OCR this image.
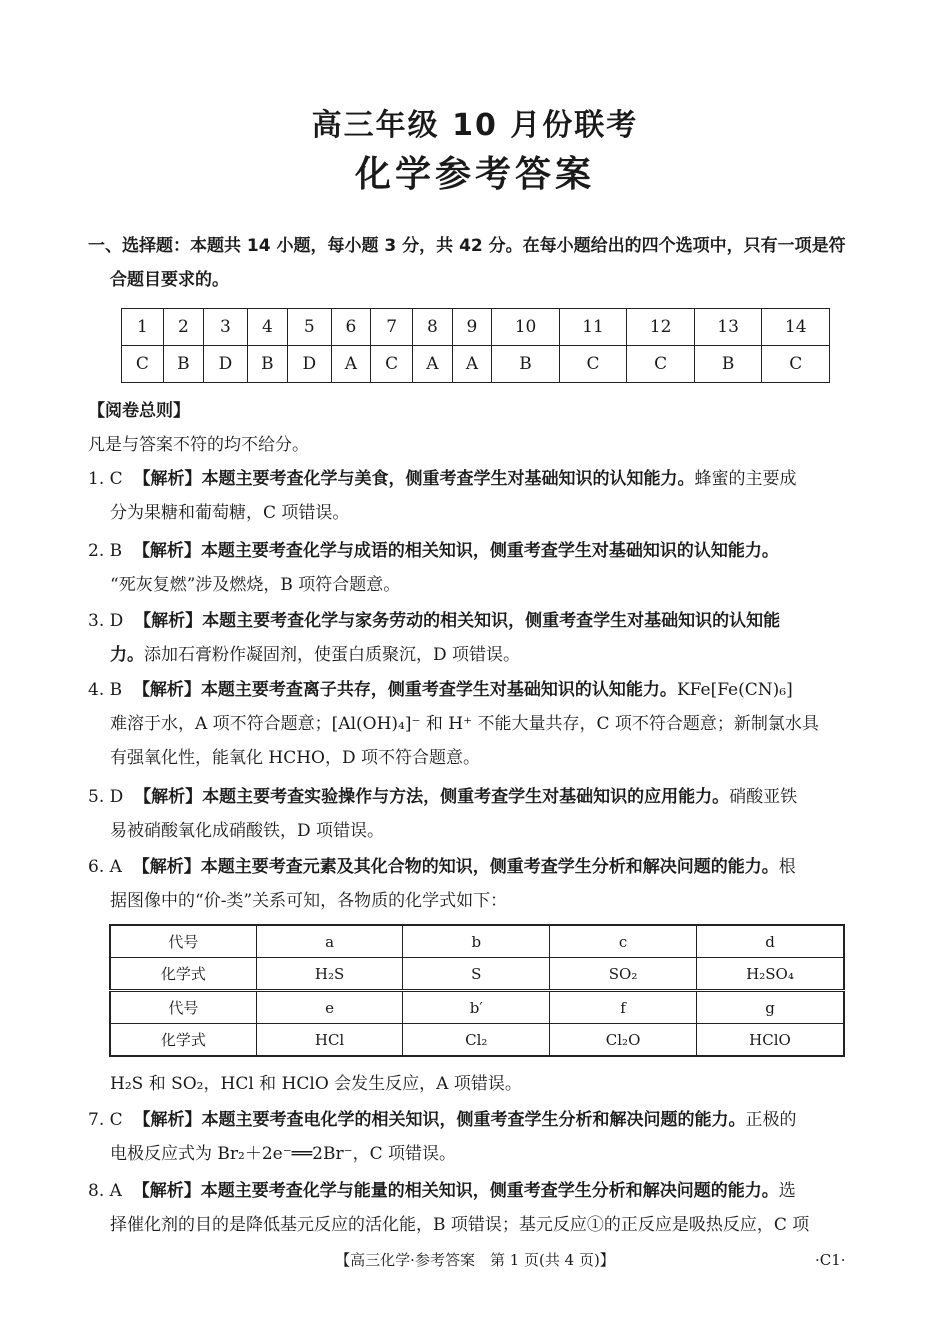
高三年级 10 月份联考
化学参考答案
一、选择题：本题共 14 小题，每小题 3 分，共 42 分。在每小题给出的四个选项中，只有一项是符
合题目要求的。
1	2	3	4	5	6	7	8	9	10	11	12	13	14
C	B	D	B	D	A	C	A	A	B	C	C	B	C
【阅卷总则】
凡是与答案不符的均不给分。
1. C 【解析】本题主要考查化学与美食，侧重考查学生对基础知识的认知能力。蜂蜜的主要成
分为果糖和葡萄糖，C 项错误。
2. B 【解析】本题主要考查化学与成语的相关知识，侧重考查学生对基础知识的认知能力。
“死灰复燃”涉及燃烧，B 项符合题意。
3. D 【解析】本题主要考查化学与家务劳动的相关知识，侧重考查学生对基础知识的认知能
力。添加石膏粉作凝固剂，使蛋白质聚沉，D 项错误。
4. B 【解析】本题主要考查离子共存，侧重考查学生对基础知识的认知能力。KFe[Fe(CN)₆]
难溶于水，A 项不符合题意；[Al(OH)₄]⁻ 和 H⁺ 不能大量共存，C 项不符合题意；新制氯水具
有强氧化性，能氧化 HCHO，D 项不符合题意。
5. D 【解析】本题主要考查实验操作与方法，侧重考查学生对基础知识的应用能力。硝酸亚铁
易被硝酸氧化成硝酸铁，D 项错误。
6. A 【解析】本题主要考查元素及其化合物的知识，侧重考查学生分析和解决问题的能力。根
据图像中的“价-类”关系可知，各物质的化学式如下：
代号	a	b	c	d
化学式	H₂S	S	SO₂	H₂SO₄
代号	e	b′	f	g
化学式	HCl	Cl₂	Cl₂O	HClO
H₂S 和 SO₂，HCl 和 HClO 会发生反应，A 项错误。
7. C 【解析】本题主要考查电化学的相关知识，侧重考查学生分析和解决问题的能力。正极的
电极反应式为 Br₂＋2e⁻══2Br⁻，C 项错误。
8. A 【解析】本题主要考查化学与能量的相关知识，侧重考查学生分析和解决问题的能力。选
择催化剂的目的是降低基元反应的活化能，B 项错误；基元反应①的正反应是吸热反应，C 项
【高三化学·参考答案　第 1 页(共 4 页)】	·C1·
